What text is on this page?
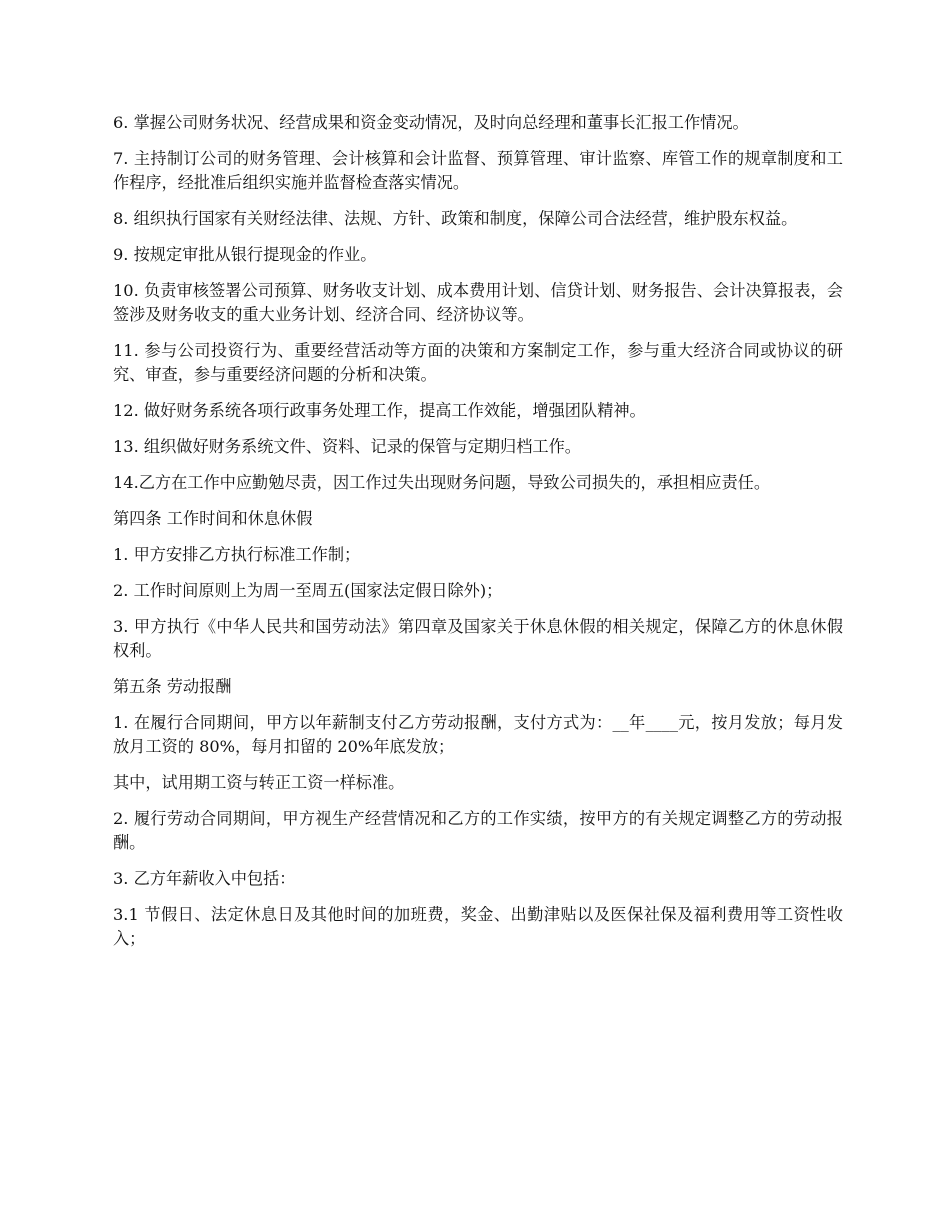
6. 掌握公司财务状况、经营成果和资金变动情况，及时向总经理和董事长汇报工作情况。

7. 主持制订公司的财务管理、会计核算和会计监督、预算管理、审计监察、库管工作的规章制度和工作程序，经批准后组织实施并监督检查落实情况。

8. 组织执行国家有关财经法律、法规、方针、政策和制度，保障公司合法经营，维护股东权益。

9. 按规定审批从银行提现金的作业。

10. 负责审核签署公司预算、财务收支计划、成本费用计划、信贷计划、财务报告、会计决算报表，会签涉及财务收支的重大业务计划、经济合同、经济协议等。

11. 参与公司投资行为、重要经营活动等方面的决策和方案制定工作，参与重大经济合同或协议的研究、审查，参与重要经济问题的分析和决策。

12. 做好财务系统各项行政事务处理工作，提高工作效能，增强团队精神。

13. 组织做好财务系统文件、资料、记录的保管与定期归档工作。

14.乙方在工作中应勤勉尽责，因工作过失出现财务问题，导致公司损失的，承担相应责任。

第四条 工作时间和休息休假

1. 甲方安排乙方执行标准工作制；

2. 工作时间原则上为周一至周五(国家法定假日除外)；

3. 甲方执行《中华人民共和国劳动法》第四章及国家关于休息休假的相关规定，保障乙方的休息休假权利。

第五条 劳动报酬

1. 在履行合同期间，甲方以年薪制支付乙方劳动报酬，支付方式为：__年____元，按月发放；每月发放月工资的 80%，每月扣留的 20%年底发放；

其中，试用期工资与转正工资一样标准。

2. 履行劳动合同期间，甲方视生产经营情况和乙方的工作实绩，按甲方的有关规定调整乙方的劳动报酬。

3. 乙方年薪收入中包括：

3.1 节假日、法定休息日及其他时间的加班费，奖金、出勤津贴以及医保社保及福利费用等工资性收入；
